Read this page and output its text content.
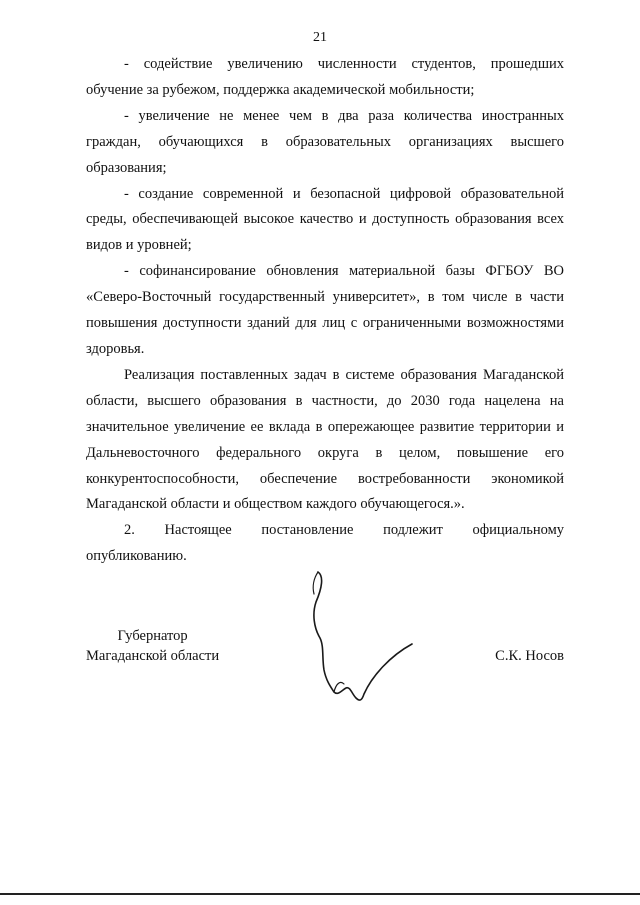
21

- содействие увеличению численности студентов, прошедших обучение за рубежом, поддержка академической мобильности;

- увеличение не менее чем в два раза количества иностранных граждан, обучающихся в образовательных организациях высшего образования;

- создание современной и безопасной цифровой образовательной среды, обеспечивающей высокое качество и доступность образования всех видов и уровней;

- софинансирование обновления материальной базы ФГБОУ ВО «Северо-Восточный государственный университет», в том числе в части повышения доступности зданий для лиц с ограниченными возможностями здоровья.

Реализация поставленных задач в системе образования Магаданской области, высшего образования в частности, до 2030 года нацелена на значительное увеличение ее вклада в опережающее развитие территории и Дальневосточного федерального округа в целом, повышение его конкурентоспособности, обеспечение востребованности экономикой Магаданской области и обществом каждого обучающегося.».

2. Настоящее постановление подлежит официальному опубликованию.

Губернатор
Магаданской области	С.К. Носов
